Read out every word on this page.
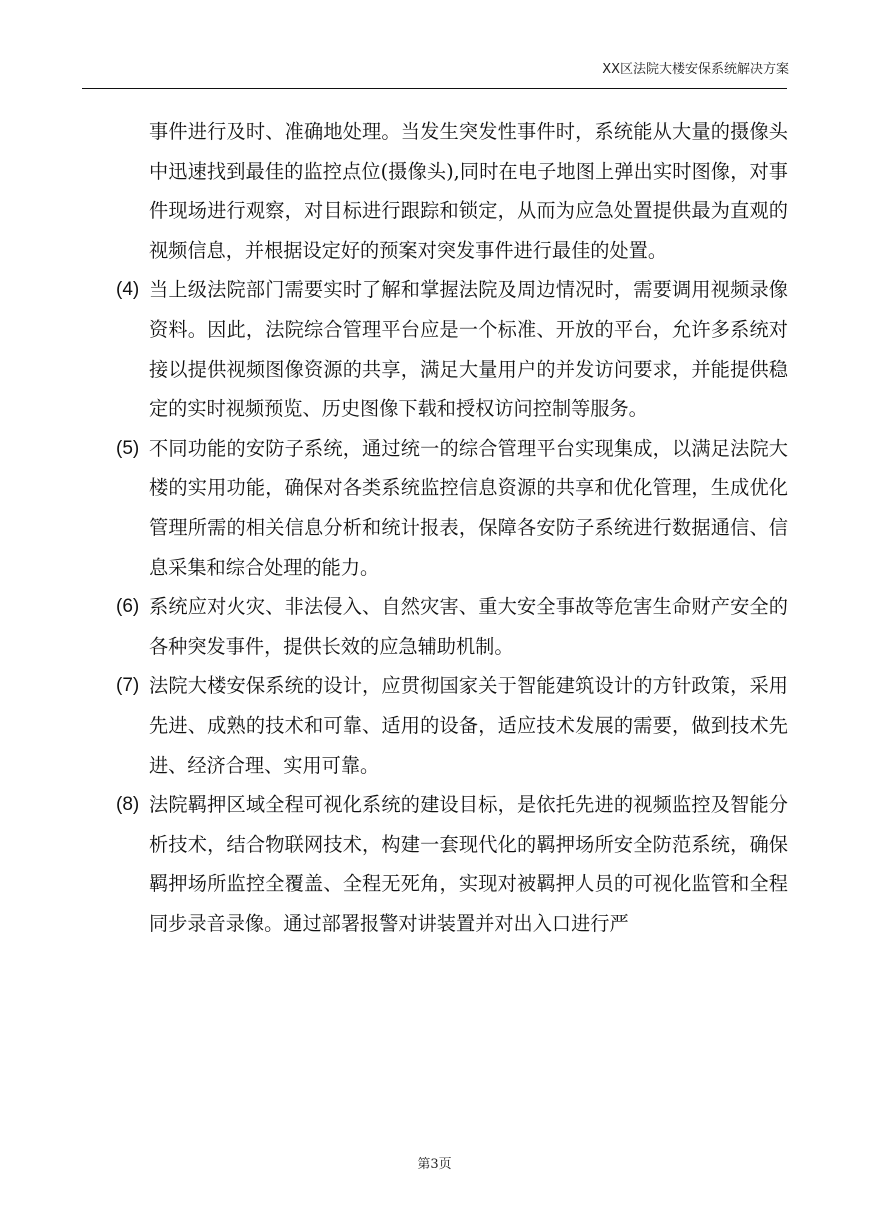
XX区法院大楼安保系统解决方案
事件进行及时、准确地处理。当发生突发性事件时，系统能从大量的摄像头中迅速找到最佳的监控点位(摄像头),同时在电子地图上弹出实时图像，对事件现场进行观察，对目标进行跟踪和锁定，从而为应急处置提供最为直观的视频信息，并根据设定好的预案对突发事件进行最佳的处置。
(4) 当上级法院部门需要实时了解和掌握法院及周边情况时，需要调用视频录像资料。因此，法院综合管理平台应是一个标准、开放的平台，允许多系统对接以提供视频图像资源的共享，满足大量用户的并发访问要求，并能提供稳定的实时视频预览、历史图像下载和授权访问控制等服务。
(5) 不同功能的安防子系统，通过统一的综合管理平台实现集成，以满足法院大楼的实用功能，确保对各类系统监控信息资源的共享和优化管理，生成优化管理所需的相关信息分析和统计报表，保障各安防子系统进行数据通信、信息采集和综合处理的能力。
(6) 系统应对火灾、非法侵入、自然灾害、重大安全事故等危害生命财产安全的各种突发事件，提供长效的应急辅助机制。
(7) 法院大楼安保系统的设计，应贯彻国家关于智能建筑设计的方针政策，采用先进、成熟的技术和可靠、适用的设备，适应技术发展的需要，做到技术先进、经济合理、实用可靠。
(8) 法院羁押区域全程可视化系统的建设目标，是依托先进的视频监控及智能分析技术，结合物联网技术，构建一套现代化的羁押场所安全防范系统，确保羁押场所监控全覆盖、全程无死角，实现对被羁押人员的可视化监管和全程同步录音录像。通过部署报警对讲装置并对出入口进行严
第3页
